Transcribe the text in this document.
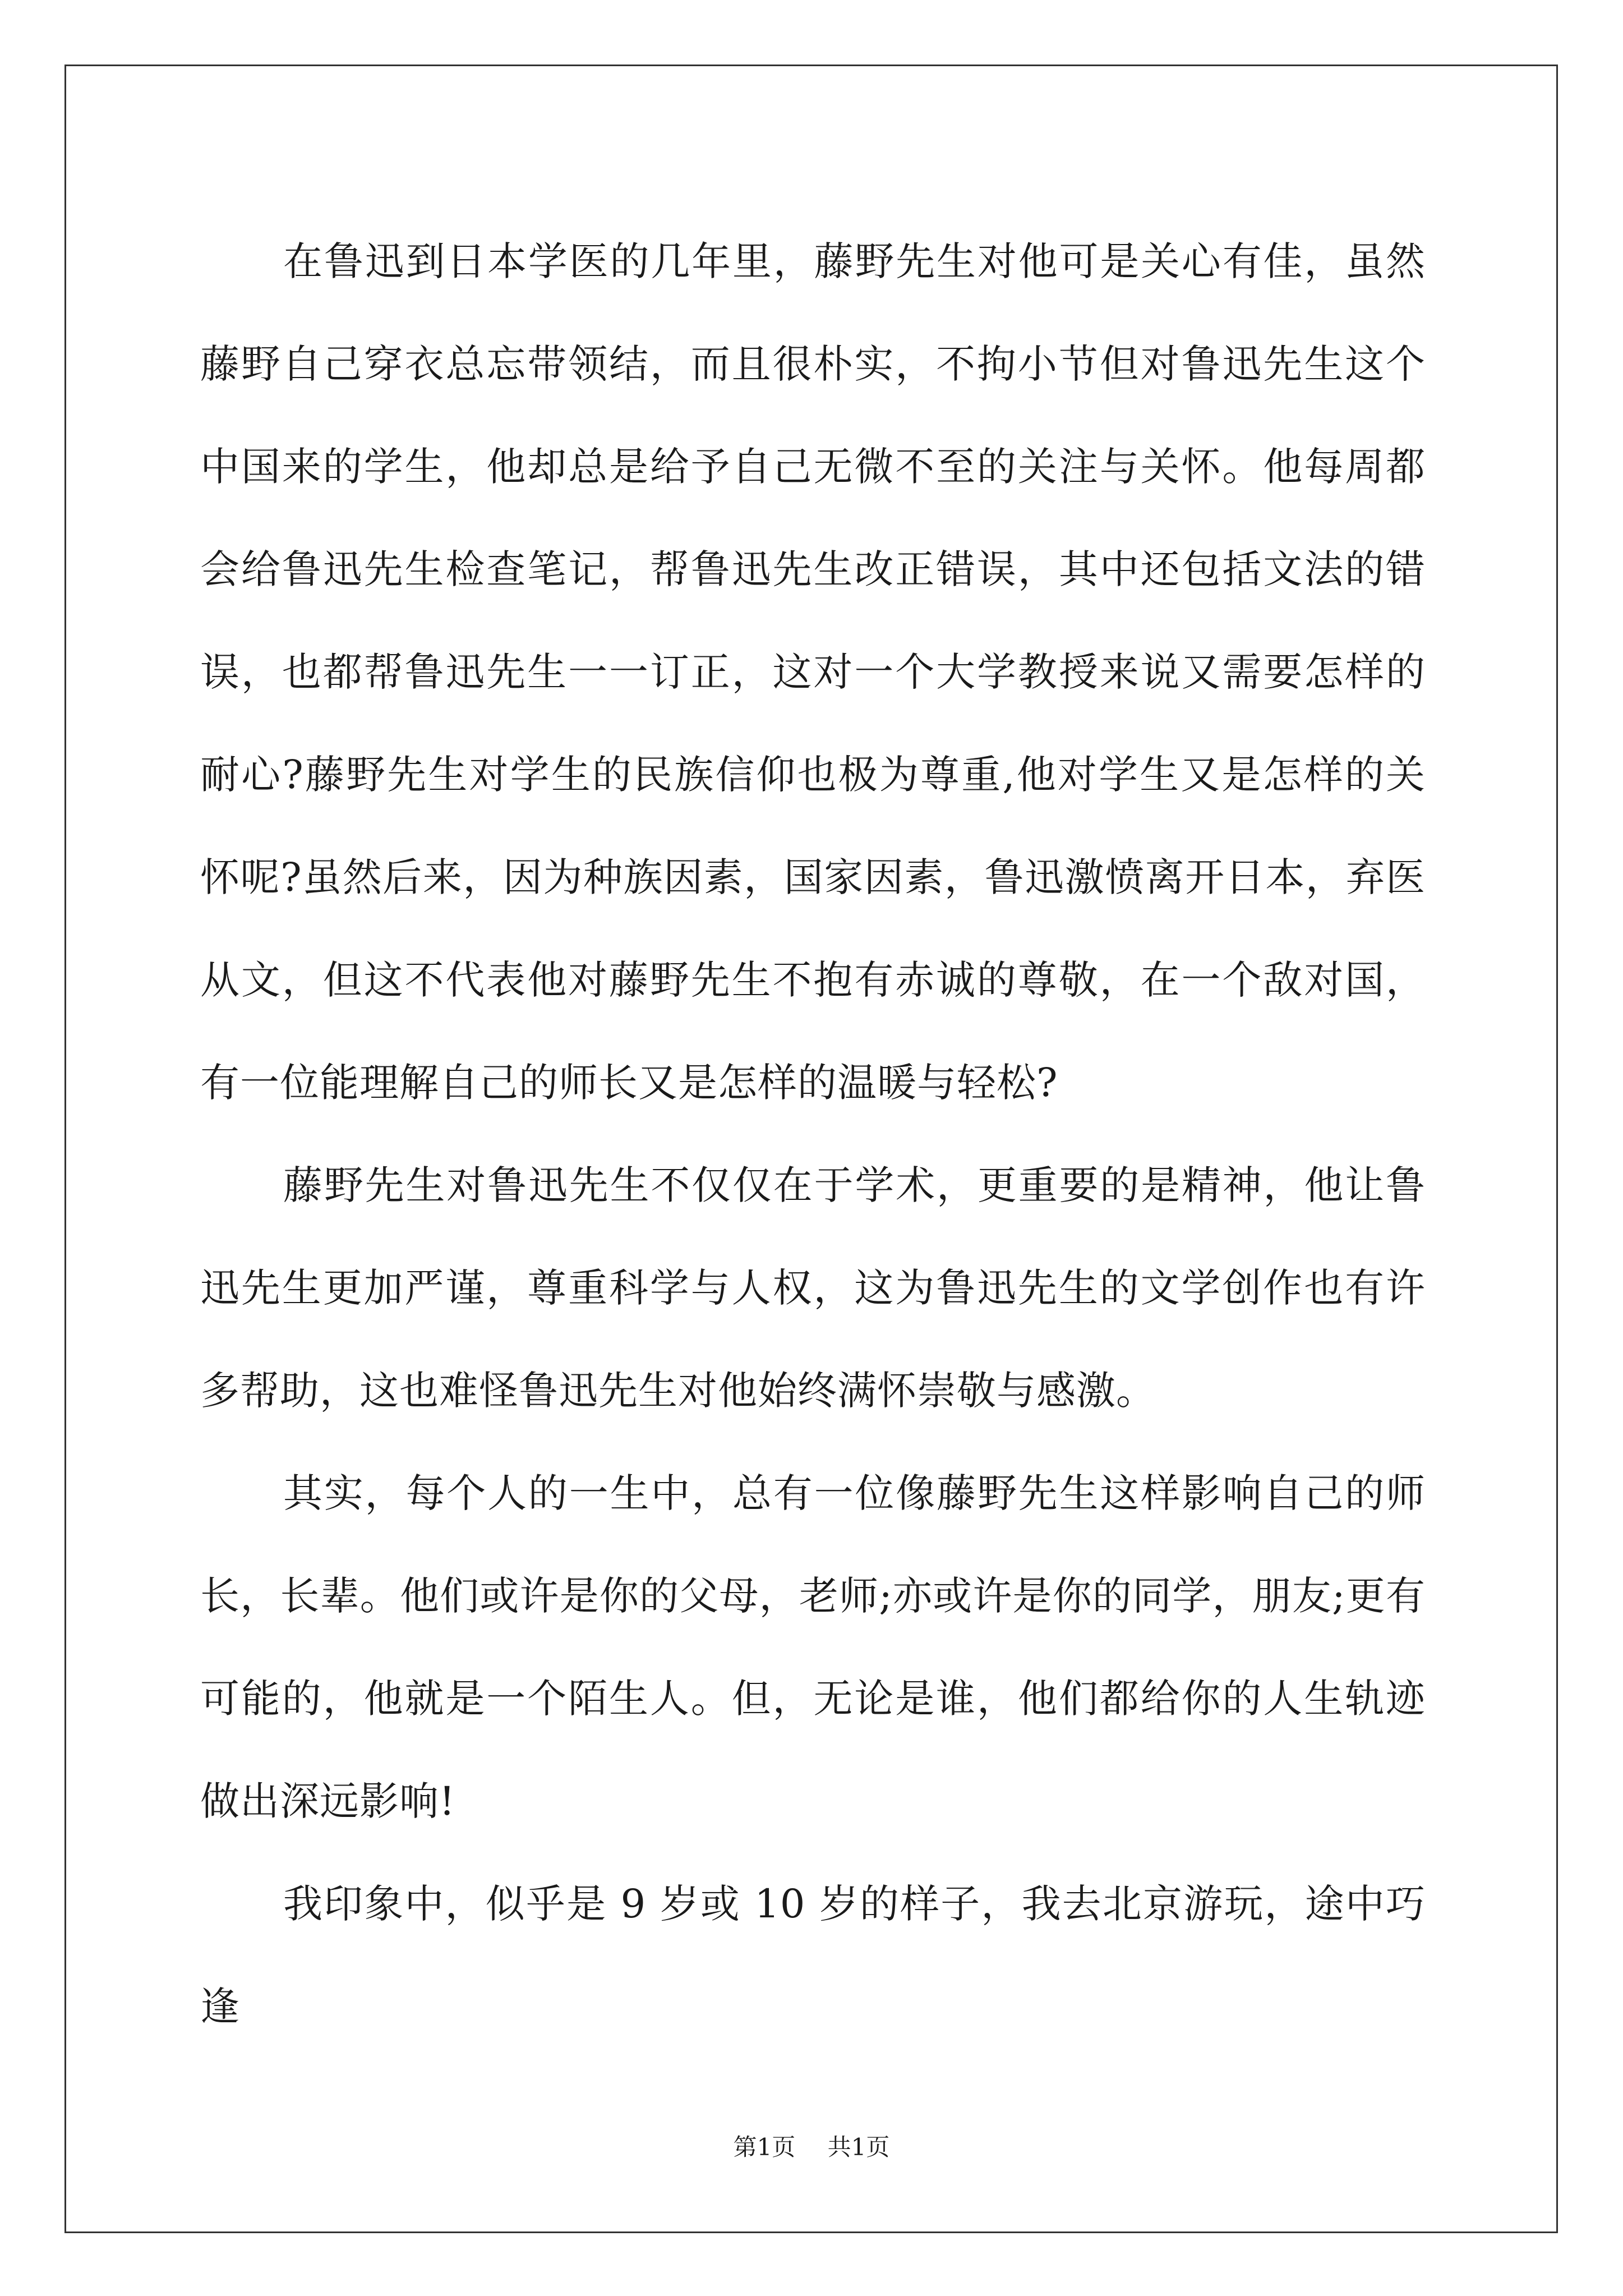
在鲁迅到日本学医的几年里，藤野先生对他可是关心有佳，虽然藤野自己穿衣总忘带领结，而且很朴实，不拘小节但对鲁迅先生这个中国来的学生，他却总是给予自己无微不至的关注与关怀。他每周都会给鲁迅先生检查笔记，帮鲁迅先生改正错误，其中还包括文法的错误，也都帮鲁迅先生一一订正，这对一个大学教授来说又需要怎样的耐心?藤野先生对学生的民族信仰也极为尊重,他对学生又是怎样的关怀呢?虽然后来，因为种族因素，国家因素，鲁迅激愤离开日本，弃医从文，但这不代表他对藤野先生不抱有赤诚的尊敬，在一个敌对国，有一位能理解自己的师长又是怎样的温暖与轻松?

藤野先生对鲁迅先生不仅仅在于学术，更重要的是精神，他让鲁迅先生更加严谨，尊重科学与人权，这为鲁迅先生的文学创作也有许多帮助，这也难怪鲁迅先生对他始终满怀崇敬与感激。

其实，每个人的一生中，总有一位像藤野先生这样影响自己的师长，长辈。他们或许是你的父母，老师;亦或许是你的同学，朋友;更有可能的，他就是一个陌生人。但，无论是谁，他们都给你的人生轨迹做出深远影响!

我印象中，似乎是 9 岁或 10 岁的样子，我去北京游玩，途中巧逢

第1页 共1页
